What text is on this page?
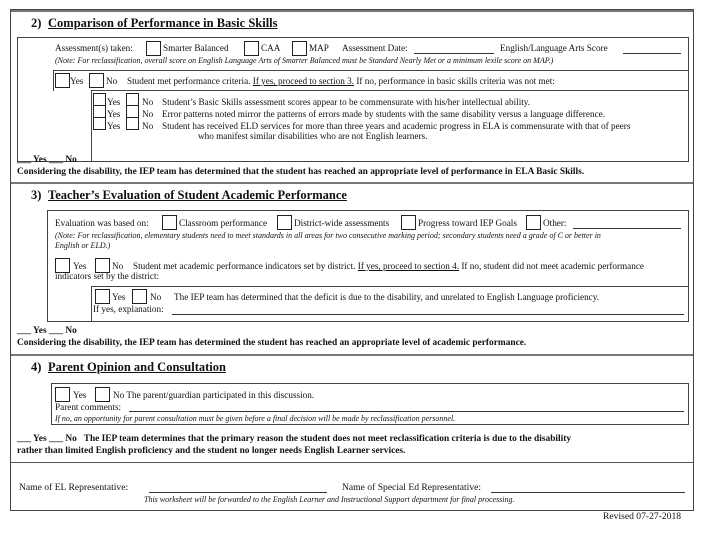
2) Comparison of Performance in Basic Skills
Assessment(s) taken:	Smarter Balanced	CAA	MAP Assessment Date:	English/Language Arts Score
(Note: For reclassification, overall score on English Language Arts of Smarter Balanced must be Standard Nearly Met or a minimum lexile score on MAP.)
Yes No Student met performance criteria. If yes, proceed to section 3. If no, performance in basic skills criteria was not met:
Yes No Student’s Basic Skills assessment scores appear to be commensurate with his/her intellectual ability.
Yes No Error patterns noted mirror the patterns of errors made by students with the same disability versus a language difference.
Yes No Student has received ELD services for more than three years and academic progress in ELA is commensurate with that of peers
who manifest similar disabilities who are not English learners.
___ Yes ___ No
Considering the disability, the IEP team has determined that the student has reached an appropriate level of performance in ELA Basic Skills.
3) Teacher’s Evaluation of Student Academic Performance
Evaluation was based on:	Classroom performance	District-wide assessments	Progress toward IEP Goals	Other:
(Note: For reclassification, elementary students need to meet standards in all areas for two consecutive marking period; secondary students need a grade of C or better in
English or ELD.)
Yes	No Student met academic performance indicators set by district. If yes, proceed to section 4. If no, student did not meet academic performance
indicators set by the district:
Yes	No The IEP team has determined that the deficit is due to the disability, and unrelated to English Language proficiency.
If yes, explanation:
___ Yes ___ No
Considering the disability, the IEP team has determined the student has reached an appropriate level of academic performance.
4) Parent Opinion and Consultation
Yes	No The parent/guardian participated in this discussion.
Parent comments:
If no, an opportunity for parent consultation must be given before a final decision will be made by reclassification personnel.
___ Yes ___ No The IEP team determines that the primary reason the student does not meet reclassification criteria is due to the disability
rather than limited English proficiency and the student no longer needs English Learner services.
Name of EL Representative:	Name of Special Ed Representative:
This worksheet will be forwarded to the English Learner and Instructional Support department for final processing.
Revised 07-27-2018
